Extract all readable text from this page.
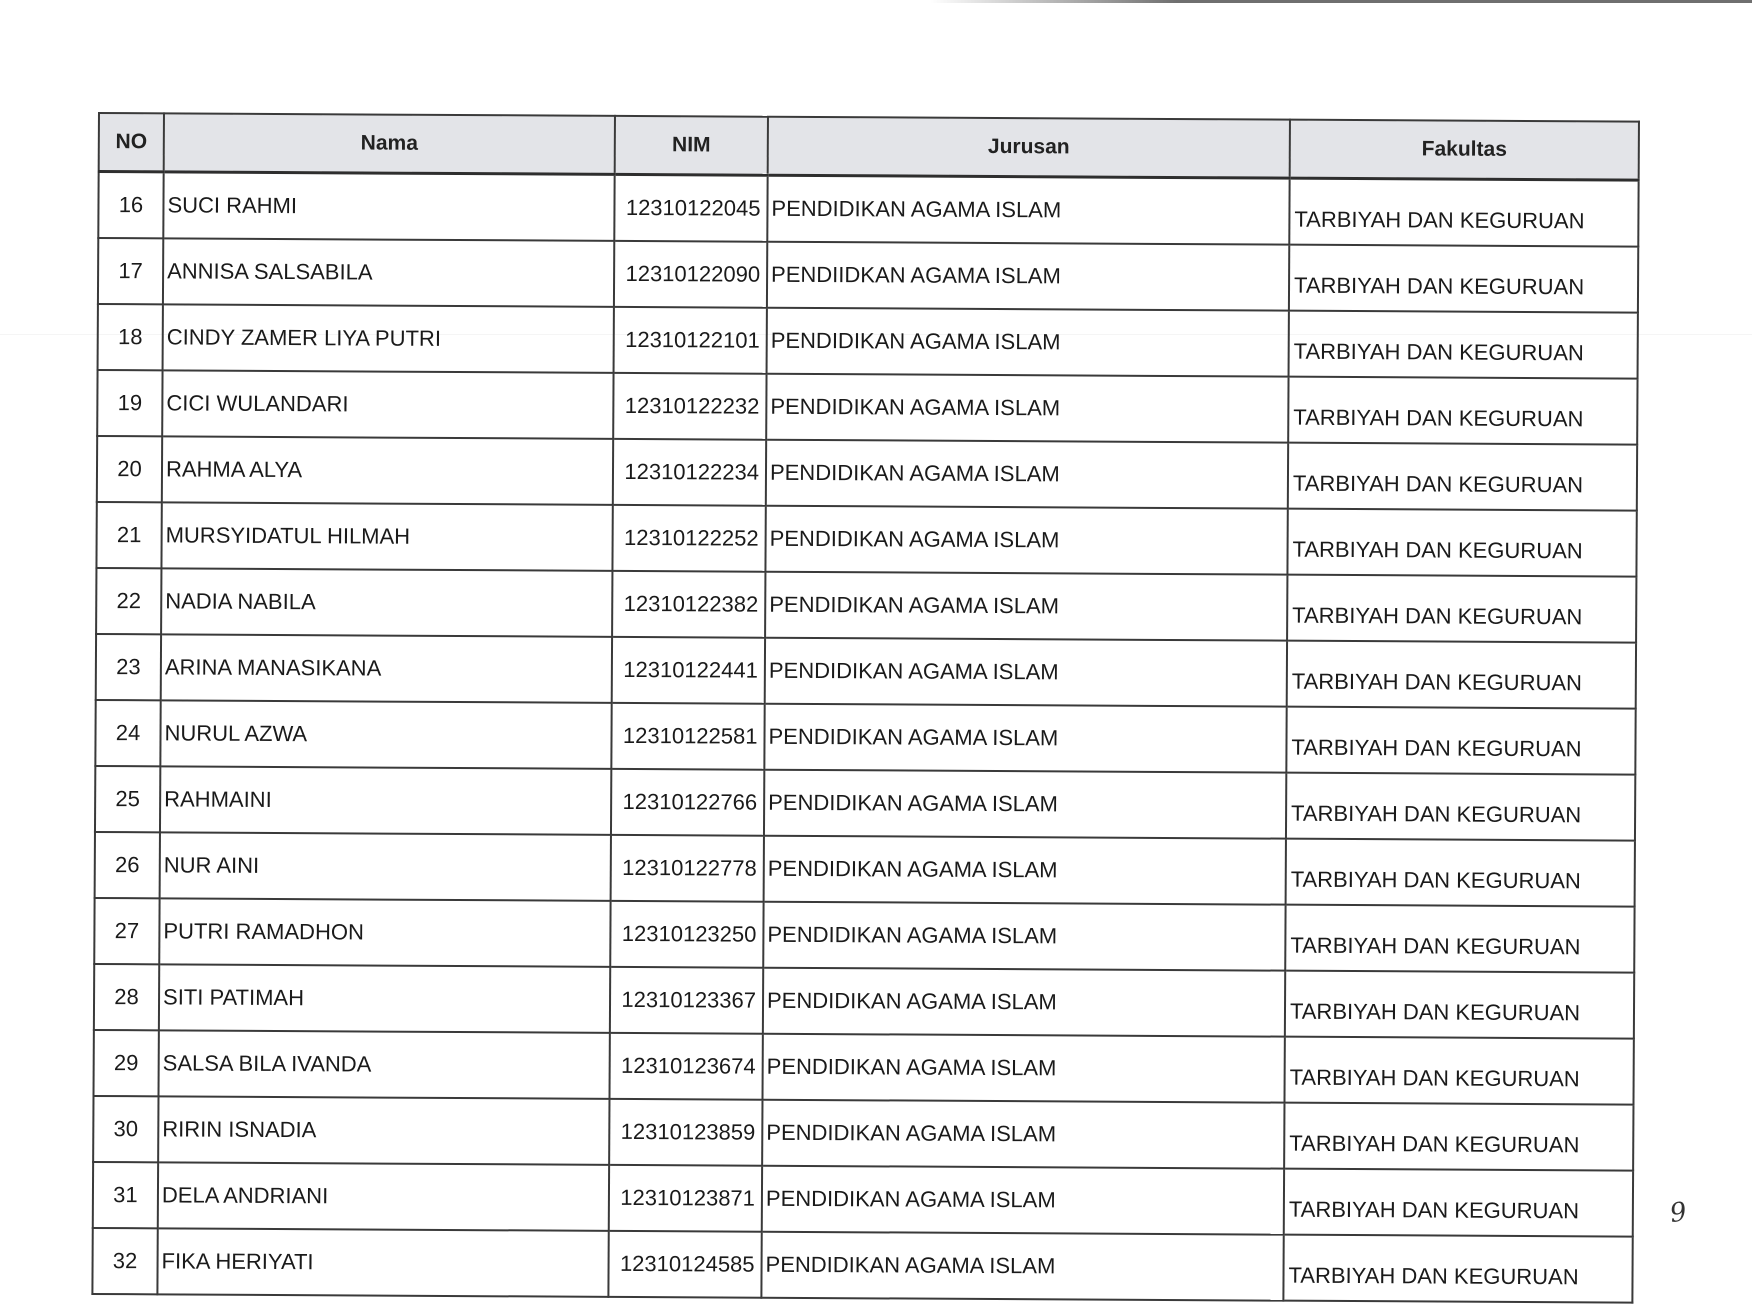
NO	Nama	NIM	Jurusan	Fakultas
16	SUCI RAHMI	12310122045	PENDIDIKAN AGAMA ISLAM	TARBIYAH DAN KEGURUAN
17	ANNISA SALSABILA	12310122090	PENDIIDKAN AGAMA ISLAM	TARBIYAH DAN KEGURUAN
18	CINDY ZAMER LIYA PUTRI	12310122101	PENDIDIKAN AGAMA ISLAM	TARBIYAH DAN KEGURUAN
19	CICI WULANDARI	12310122232	PENDIDIKAN AGAMA ISLAM	TARBIYAH DAN KEGURUAN
20	RAHMA ALYA	12310122234	PENDIDIKAN AGAMA ISLAM	TARBIYAH DAN KEGURUAN
21	MURSYIDATUL HILMAH	12310122252	PENDIDIKAN AGAMA ISLAM	TARBIYAH DAN KEGURUAN
22	NADIA NABILA	12310122382	PENDIDIKAN AGAMA ISLAM	TARBIYAH DAN KEGURUAN
23	ARINA MANASIKANA	12310122441	PENDIDIKAN AGAMA ISLAM	TARBIYAH DAN KEGURUAN
24	NURUL AZWA	12310122581	PENDIDIKAN AGAMA ISLAM	TARBIYAH DAN KEGURUAN
25	RAHMAINI	12310122766	PENDIDIKAN AGAMA ISLAM	TARBIYAH DAN KEGURUAN
26	NUR AINI	12310122778	PENDIDIKAN AGAMA ISLAM	TARBIYAH DAN KEGURUAN
27	PUTRI RAMADHON	12310123250	PENDIDIKAN AGAMA ISLAM	TARBIYAH DAN KEGURUAN
28	SITI PATIMAH	12310123367	PENDIDIKAN AGAMA ISLAM	TARBIYAH DAN KEGURUAN
29	SALSA BILA IVANDA	12310123674	PENDIDIKAN AGAMA ISLAM	TARBIYAH DAN KEGURUAN
30	RIRIN ISNADIA	12310123859	PENDIDIKAN AGAMA ISLAM	TARBIYAH DAN KEGURUAN
31	DELA ANDRIANI	12310123871	PENDIDIKAN AGAMA ISLAM	TARBIYAH DAN KEGURUAN
32	FIKA HERIYATI	12310124585	PENDIDIKAN AGAMA ISLAM	TARBIYAH DAN KEGURUAN
9
